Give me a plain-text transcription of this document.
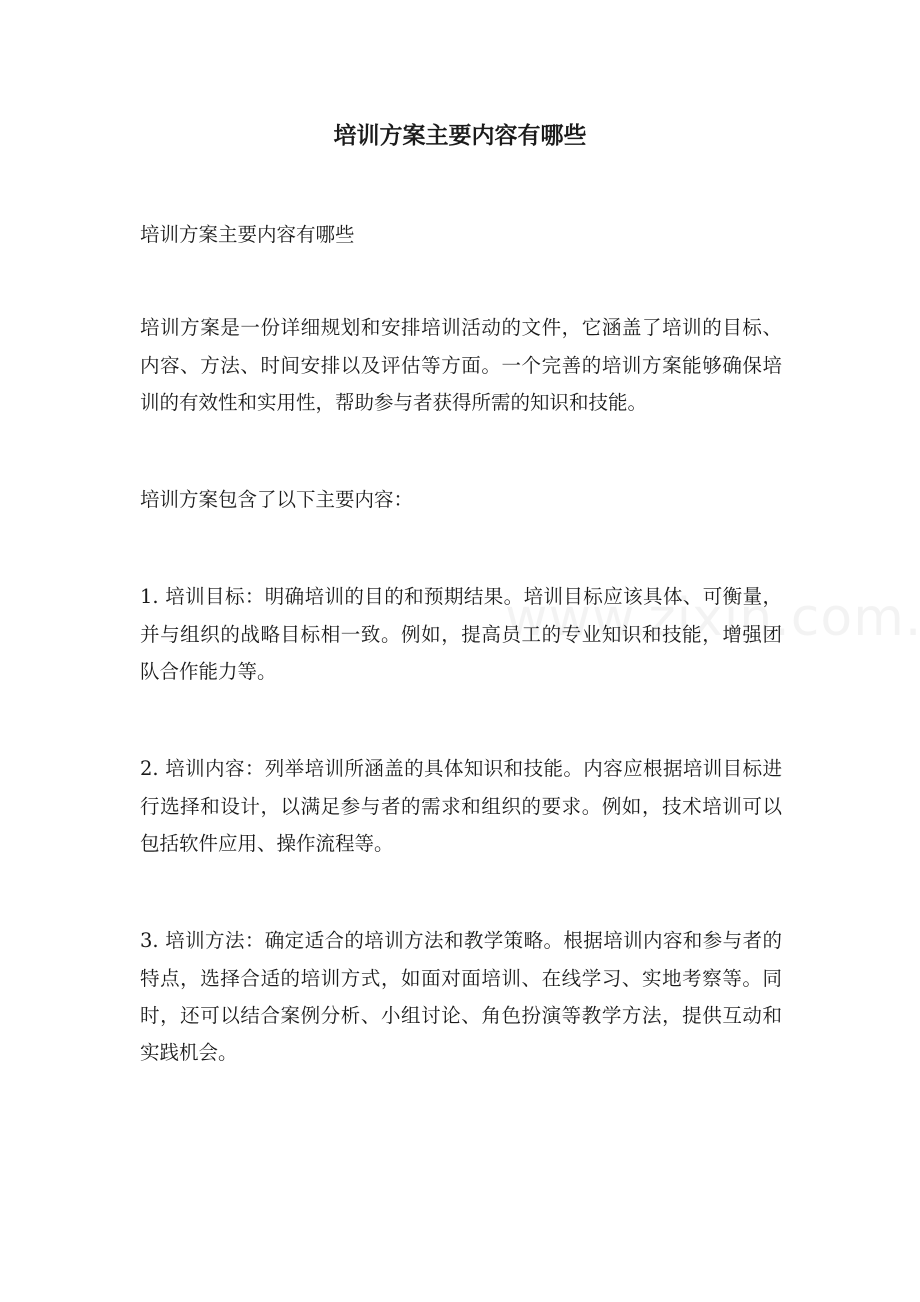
培训方案主要内容有哪些

培训方案主要内容有哪些

培训方案是一份详细规划和安排培训活动的文件，它涵盖了培训的目标、内容、方法、时间安排以及评估等方面。一个完善的培训方案能够确保培训的有效性和实用性，帮助参与者获得所需的知识和技能。

培训方案包含了以下主要内容：

1. 培训目标：明确培训的目的和预期结果。培训目标应该具体、可衡量，并与组织的战略目标相一致。例如，提高员工的专业知识和技能，增强团队合作能力等。

2. 培训内容：列举培训所涵盖的具体知识和技能。内容应根据培训目标进行选择和设计，以满足参与者的需求和组织的要求。例如，技术培训可以包括软件应用、操作流程等。

3. 培训方法：确定适合的培训方法和教学策略。根据培训内容和参与者的特点，选择合适的培训方式，如面对面培训、在线学习、实地考察等。同时，还可以结合案例分析、小组讨论、角色扮演等教学方法，提供互动和实践机会。
